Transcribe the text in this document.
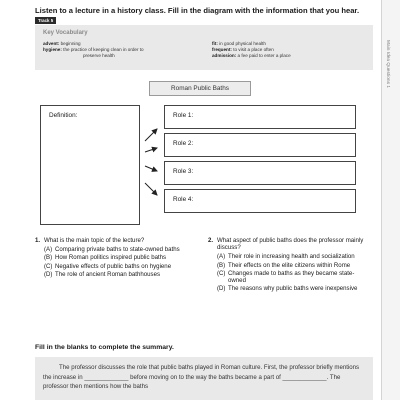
Main Idea Questions 1
Listen to a lecture in a history class. Fill in the diagram with the information that you hear.
Track 5
Key Vocabulary
advent: beginning
hygiene: the practice of keeping clean in order to
preserve health
fit: in good physical health
frequent: to visit a place often
admission: a fee paid to enter a place
Roman Public Baths
Definition:	Role 1:
Role 2:
Role 3:
Role 4:
1. What is the main topic of the lecture?
(A) Comparing private baths to state-owned baths
(B) How Roman politics inspired public baths
(C) Negative effects of public baths on hygiene
(D) The role of ancient Roman bathhouses
2. What aspect of public baths does the professor mainly discuss?
(A) Their role in increasing health and socialization
(B) Their effects on the elite citizens within Rome
(C) Changes made to baths as they became state-owned
(D) The reasons why public baths were inexpensive
Fill in the blanks to complete the summary.
The professor discusses the role that public baths played in Roman culture. First, the professor briefly mentions the increase in _____________ before moving on to the way the baths became a part of _____________. The professor then mentions how the baths
